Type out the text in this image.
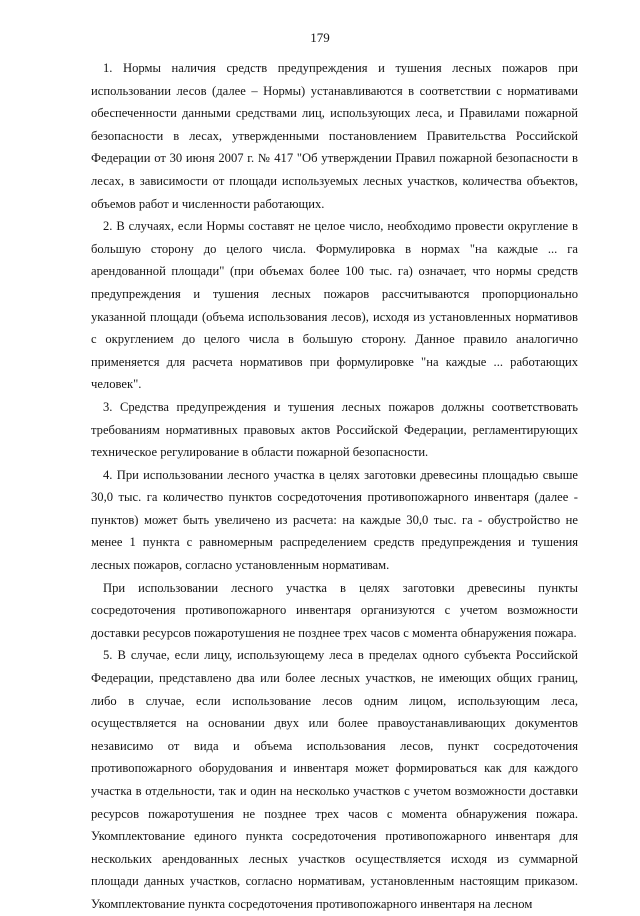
179

1. Нормы наличия средств предупреждения и тушения лесных пожаров при использовании лесов (далее – Нормы) устанавливаются в соответствии с нормативами обеспеченности данными средствами лиц, использующих леса, и Правилами пожарной безопасности в лесах, утвержденными постановлением Правительства Российской Федерации от 30 июня 2007 г. № 417 "Об утверждении Правил пожарной безопасности в лесах, в зависимости от площади используемых лесных участков, количества объектов, объемов работ и численности работающих.

2. В случаях, если Нормы составят не целое число, необходимо провести округление в большую сторону до целого числа. Формулировка в нормах "на каждые ... га арендованной площади" (при объемах более 100 тыс. га) означает, что нормы средств предупреждения и тушения лесных пожаров рассчитываются пропорционально указанной площади (объема использования лесов), исходя из установленных нормативов с округлением до целого числа в большую сторону. Данное правило аналогично применяется для расчета нормативов при формулировке "на каждые ... работающих человек".

3. Средства предупреждения и тушения лесных пожаров должны соответствовать требованиям нормативных правовых актов Российской Федерации, регламентирующих техническое регулирование в области пожарной безопасности.

4. При использовании лесного участка в целях заготовки древесины площадью свыше 30,0 тыс. га количество пунктов сосредоточения противопожарного инвентаря (далее - пунктов) может быть увеличено из расчета: на каждые 30,0 тыс. га - обустройство не менее 1 пункта с равномерным распределением средств предупреждения и тушения лесных пожаров, согласно установленным нормативам.

При использовании лесного участка в целях заготовки древесины пункты сосредоточения противопожарного инвентаря организуются с учетом возможности доставки ресурсов пожаротушения не позднее трех часов с момента обнаружения пожара.

5. В случае, если лицу, использующему леса в пределах одного субъекта Российской Федерации, представлено два или более лесных участков, не имеющих общих границ, либо в случае, если использование лесов одним лицом, использующим леса, осуществляется на основании двух или более правоустанавливающих документов независимо от вида и объема использования лесов, пункт сосредоточения противопожарного оборудования и инвентаря может формироваться как для каждого участка в отдельности, так и один на несколько участков с учетом возможности доставки ресурсов пожаротушения не позднее трех часов с момента обнаружения пожара. Укомплектование единого пункта сосредоточения противопожарного инвентаря для нескольких арендованных лесных участков осуществляется исходя из суммарной площади данных участков, согласно нормативам, установленным настоящим приказом. Укомплектование пункта сосредоточения противопожарного инвентаря на лесном
